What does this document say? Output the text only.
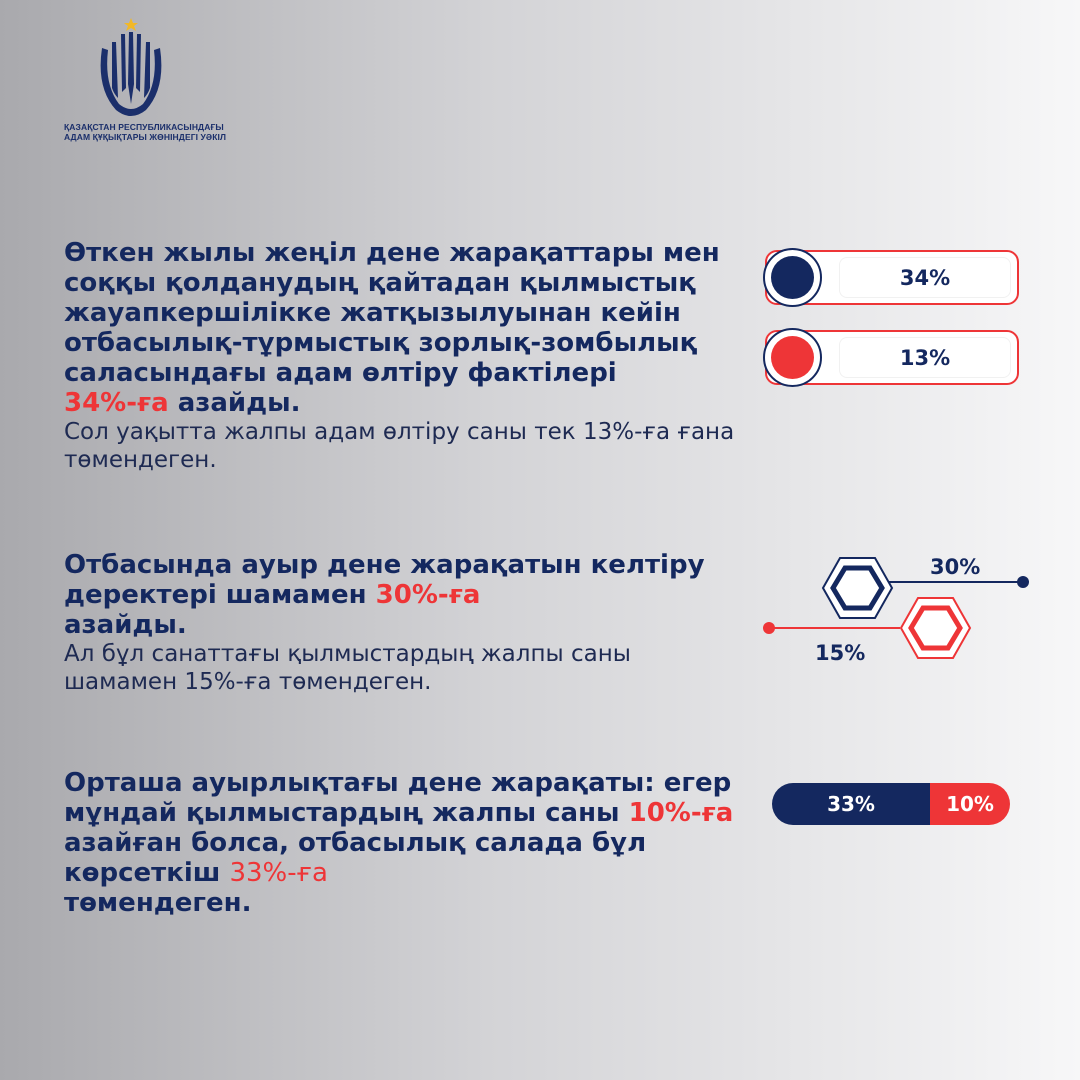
ҚАЗАҚСТАН РЕСПУБЛИКАСЫНДАҒЫ
АДАМ ҚҰҚЫҚТАРЫ ЖӨНІНДЕГІ УӘКІЛ

Өткен жылы жеңіл дене жарақаттары мен соққы қолданудың қайтадан қылмыстық жауапкершілікке жатқызылуынан кейін отбасылық-тұрмыстық зорлық-зомбылық саласындағы адам өлтіру фактілері
34%-ға азайды.

Сол уақытта жалпы адам өлтіру саны тек 13%-ға ғана төмендеген.

34%
13%

Отбасында ауыр дене жарақатын келтіру деректері шамамен 30%-ға
азайды.

Ал бұл санаттағы қылмыстардың жалпы саны шамамен 15%-ға төмендеген.

30%
15%

Орташа ауырлықтағы дене жарақаты: егер мұндай қылмыстардың жалпы саны 10%-ға азайған болса, отбасылық салада бұл көрсеткіш 33%-ға
төмендеген.

33%	10%
